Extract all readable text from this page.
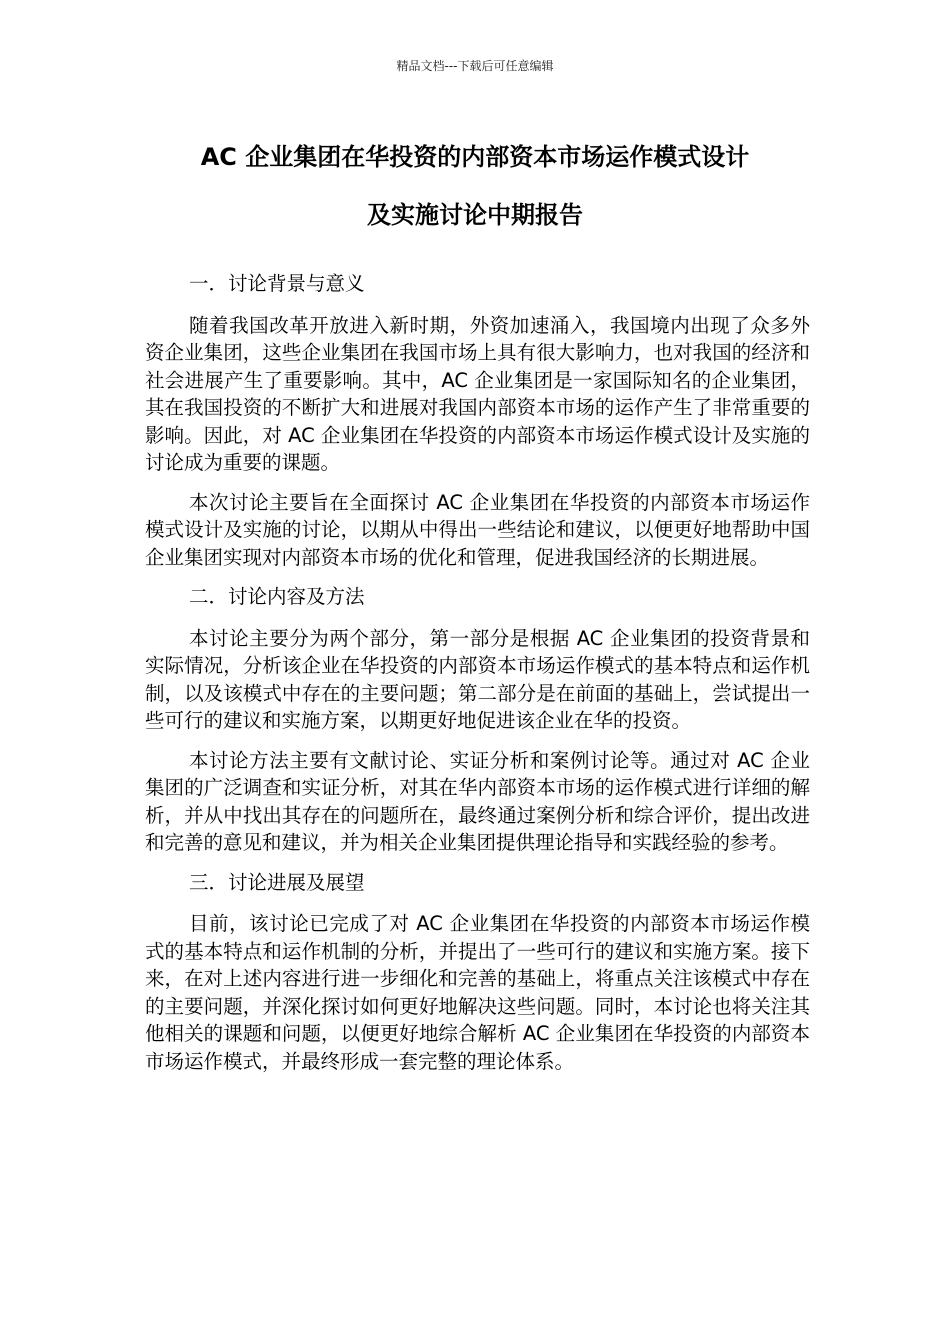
精品文档---下载后可任意编辑
AC 企业集团在华投资的内部资本市场运作模式设计
及实施讨论中期报告

一．讨论背景与意义

随着我国改革开放进入新时期，外资加速涌入，我国境内出现了众多外资企业集团，这些企业集团在我国市场上具有很大影响力，也对我国的经济和社会进展产生了重要影响。其中，AC 企业集团是一家国际知名的企业集团，其在我国投资的不断扩大和进展对我国内部资本市场的运作产生了非常重要的影响。因此，对 AC 企业集团在华投资的内部资本市场运作模式设计及实施的讨论成为重要的课题。

本次讨论主要旨在全面探讨 AC 企业集团在华投资的内部资本市场运作模式设计及实施的讨论，以期从中得出一些结论和建议，以便更好地帮助中国企业集团实现对内部资本市场的优化和管理，促进我国经济的长期进展。

二．讨论内容及方法

本讨论主要分为两个部分，第一部分是根据 AC 企业集团的投资背景和实际情况，分析该企业在华投资的内部资本市场运作模式的基本特点和运作机制，以及该模式中存在的主要问题；第二部分是在前面的基础上，尝试提出一些可行的建议和实施方案，以期更好地促进该企业在华的投资。

本讨论方法主要有文献讨论、实证分析和案例讨论等。通过对 AC 企业集团的广泛调查和实证分析，对其在华内部资本市场的运作模式进行详细的解析，并从中找出其存在的问题所在，最终通过案例分析和综合评价，提出改进和完善的意见和建议，并为相关企业集团提供理论指导和实践经验的参考。

三．讨论进展及展望

目前，该讨论已完成了对 AC 企业集团在华投资的内部资本市场运作模式的基本特点和运作机制的分析，并提出了一些可行的建议和实施方案。接下来，在对上述内容进行进一步细化和完善的基础上，将重点关注该模式中存在的主要问题，并深化探讨如何更好地解决这些问题。同时，本讨论也将关注其他相关的课题和问题，以便更好地综合解析 AC 企业集团在华投资的内部资本市场运作模式，并最终形成一套完整的理论体系。
